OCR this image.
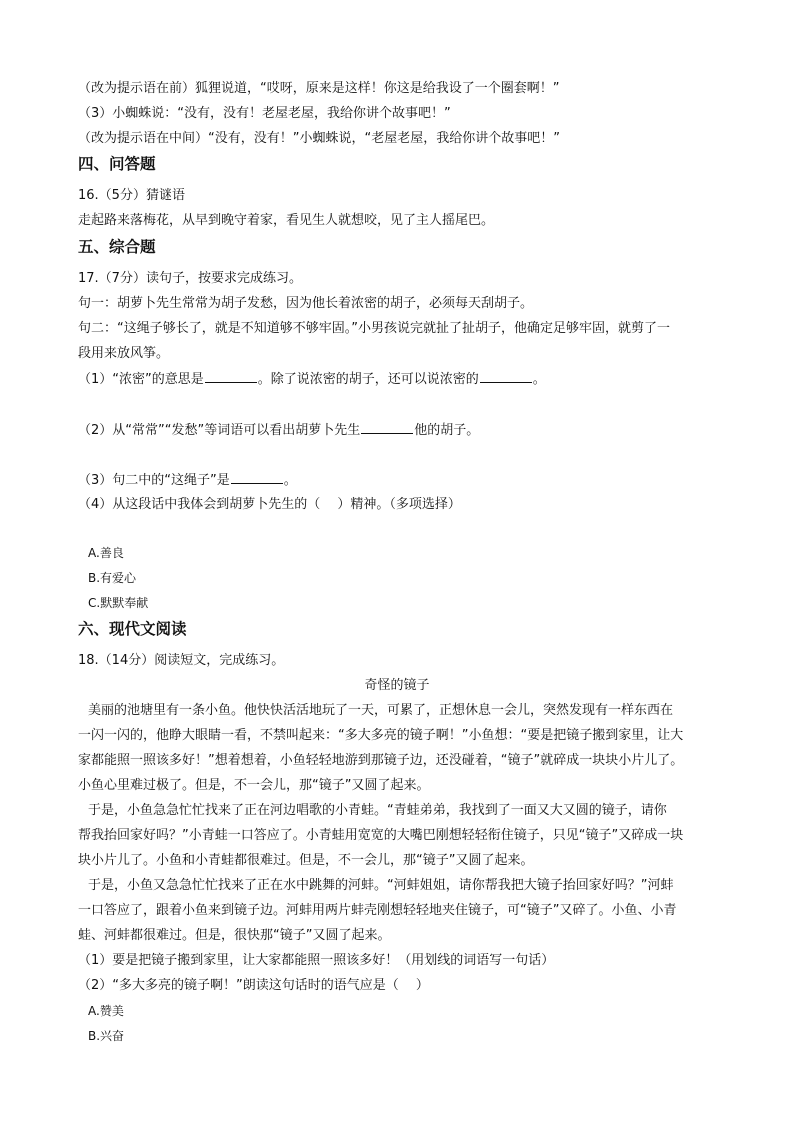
（改为提示语在前）狐狸说道，“哎呀，原来是这样！你这是给我设了一个圈套啊！”
（3）小蜘蛛说：“没有，没有！老屋老屋，我给你讲个故事吧！”
（改为提示语在中间）“没有，没有！”小蜘蛛说，“老屋老屋，我给你讲个故事吧！”
四、问答题
16.（5分）猜谜语
走起路来落梅花，从早到晚守着家，看见生人就想咬，见了主人摇尾巴。
五、综合题
17.（7分）读句子，按要求完成练习。
句一：胡萝卜先生常常为胡子发愁，因为他长着浓密的胡子，必须每天刮胡子。
句二：“这绳子够长了，就是不知道够不够牢固。”小男孩说完就扯了扯胡子，他确定足够牢固，就剪了一
段用来放风筝。
（1）“浓密”的意思是	。除了说浓密的胡子，还可以说浓密的	。
（2）从“常常”“发愁”等词语可以看出胡萝卜先生	他的胡子。
（3）句二中的“这绳子”是	。
（4）从这段话中我体会到胡萝卜先生的（　 ）精神。（多项选择）
A.善良
B.有爱心
C.默默奉献
六、现代文阅读
18.（14分）阅读短文，完成练习。
奇怪的镜子
美丽的池塘里有一条小鱼。他快快活活地玩了一天，可累了，正想休息一会儿，突然发现有一样东西在
一闪一闪的，他睁大眼睛一看，不禁叫起来：“多大多亮的镜子啊！”小鱼想：“要是把镜子搬到家里，让大
家都能照一照该多好！”想着想着，小鱼轻轻地游到那镜子边，还没碰着，“镜子”就碎成一块块小片儿了。
小鱼心里难过极了。但是，不一会儿，那“镜子”又圆了起来。
于是，小鱼急急忙忙找来了正在河边唱歌的小青蛙。“青蛙弟弟，我找到了一面又大又圆的镜子，请你
帮我抬回家好吗？”小青蛙一口答应了。小青蛙用宽宽的大嘴巴刚想轻轻衔住镜子，只见“镜子”又碎成一块
块小片儿了。小鱼和小青蛙都很难过。但是，不一会儿，那“镜子”又圆了起来。
于是，小鱼又急急忙忙找来了正在水中跳舞的河蚌。“河蚌姐姐，请你帮我把大镜子抬回家好吗？”河蚌
一口答应了，跟着小鱼来到镜子边。河蚌用两片蚌壳刚想轻轻地夹住镜子，可“镜子”又碎了。小鱼、小青
蛙、河蚌都很难过。但是，很快那“镜子”又圆了起来。
（1）要是把镜子搬到家里，让大家都能照一照该多好！（用划线的词语写一句话）
（2）“多大多亮的镜子啊！”朗读这句话时的语气应是（　 ）
A.赞美
B.兴奋
